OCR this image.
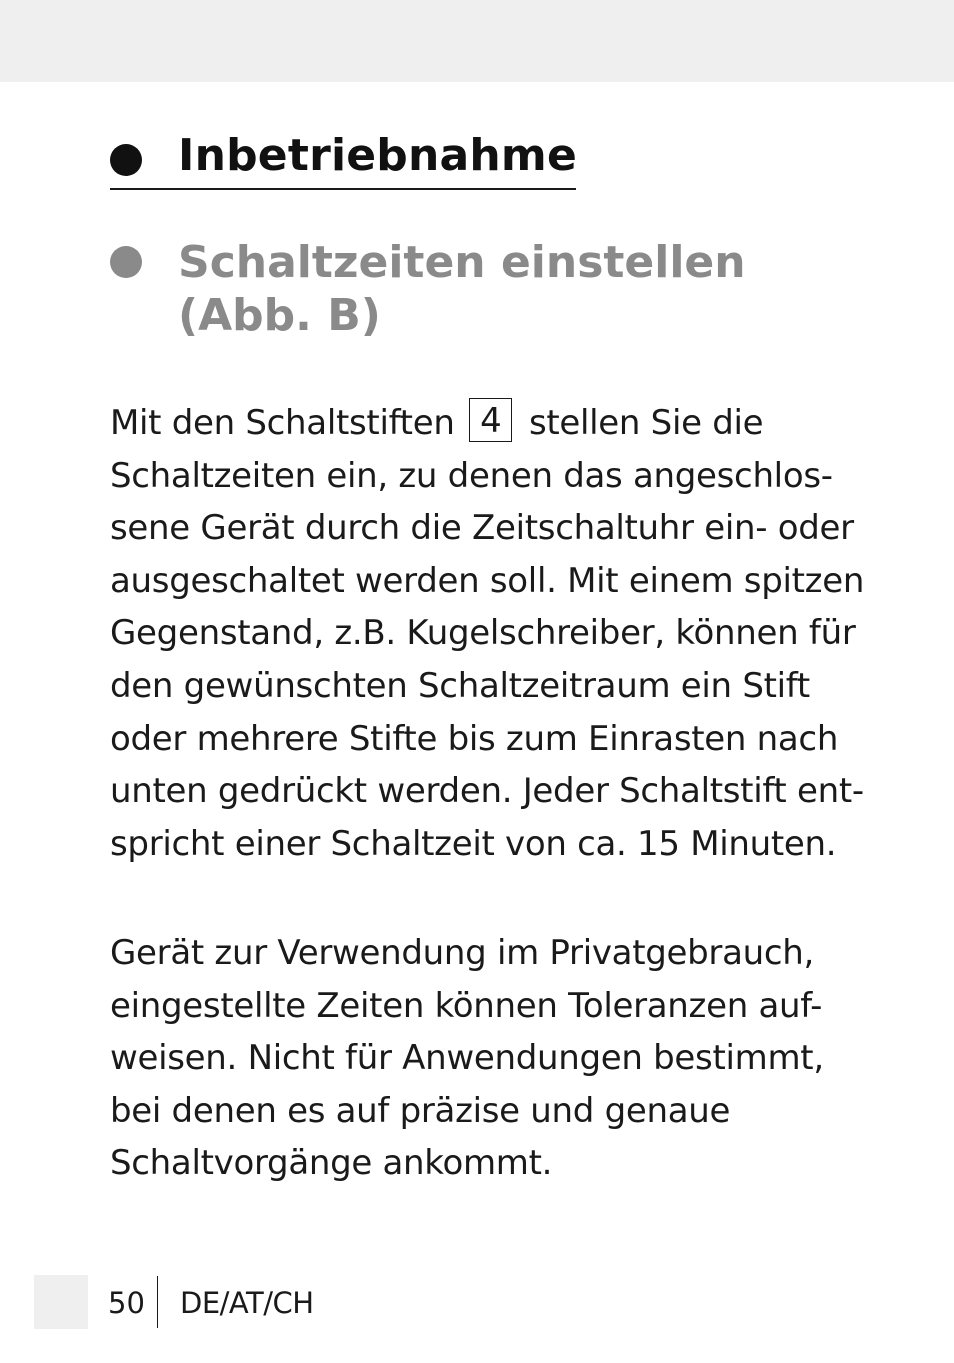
Inbetriebnahme
Schaltzeiten einstellen
(Abb. B)
Mit den Schaltstiften 4 stellen Sie die
Schaltzeiten ein, zu denen das angeschlos-
sene Gerät durch die Zeitschaltuhr ein- oder
ausgeschaltet werden soll. Mit einem spitzen
Gegenstand, z.B. Kugelschreiber, können für
den gewünschten Schaltzeitraum ein Stift
oder mehrere Stifte bis zum Einrasten nach
unten gedrückt werden. Jeder Schaltstift ent-
spricht einer Schaltzeit von ca. 15 Minuten.
Gerät zur Verwendung im Privatgebrauch,
eingestellte Zeiten können Toleranzen auf-
weisen. Nicht für Anwendungen bestimmt,
bei denen es auf präzise und genaue
Schaltvorgänge ankommt.
50 DE/AT/CH
